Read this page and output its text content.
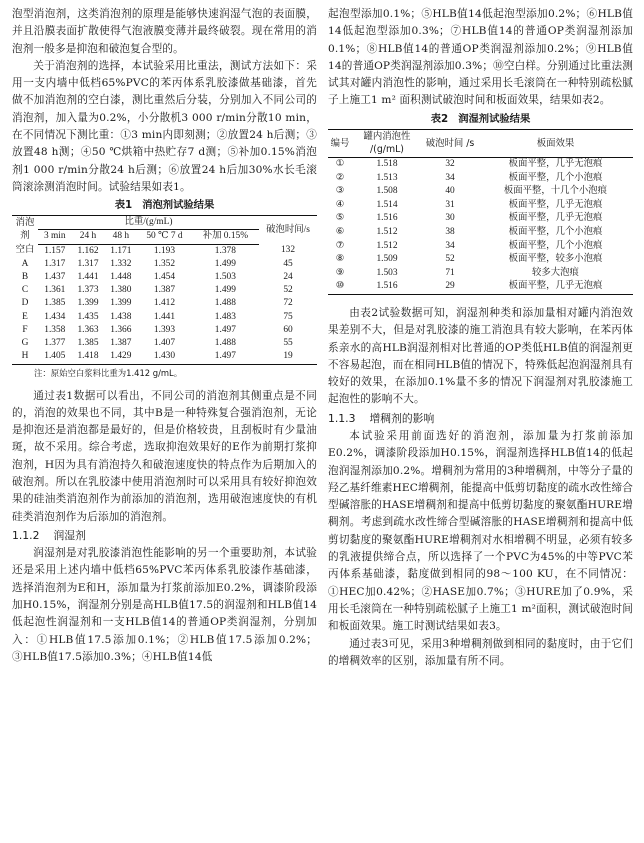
泡型消泡剂，这类消泡剂的原理是能够快速润湿气泡的表面膜，并且沿膜表面扩散使得气泡液膜变薄并最终破裂。现在常用的消泡剂一般多是抑泡和破泡复合型的。

关于消泡剂的选择，本试验采用比重法，测试方法如下：采用一支内墙中低档65%PVC的苯丙体系乳胶漆做基础漆，首先做不加消泡剂的空白漆，测比重然后分装，分别加入不同公司的消泡剂，加入量为0.2%，小分散机3 000 r/min分散10 min，在不同情况下测比重：①3 min内即刻测；②放置24 h后测；③放置48 h测；④50 ℃烘箱中热贮存7 d测；⑤补加0.15%消泡剂1 000 r/min分散24 h后测；⑥放置24 h后加30%水长毛滚筒滚涂测消泡时间。试验结果如表1。

表1 消泡剂试验结果
消泡剂	比重/(g/mL)					破泡时间/s
	3 min	24 h	48 h	50 ℃ 7 d	补加 0.15%	
空白	1.157	1.162	1.171	1.193	1.378	132
A	1.317	1.317	1.332	1.352	1.499	45
B	1.437	1.441	1.448	1.454	1.503	24
C	1.361	1.373	1.380	1.387	1.499	52
D	1.385	1.399	1.399	1.412	1.488	72
E	1.434	1.435	1.438	1.441	1.483	75
F	1.358	1.363	1.366	1.393	1.497	60
G	1.377	1.385	1.387	1.407	1.488	55
H	1.405	1.418	1.429	1.430	1.497	19
注：原始空白浆料比重为1.412 g/mL。

通过表1数据可以看出，不同公司的消泡剂其侧重点是不同的，消泡的效果也不同，其中B是一种特殊复合强消泡剂，无论是抑泡还是消泡都是最好的，但是价格较贵，且刮板时有少量油斑，故不采用。综合考虑，选取抑泡效果好的E作为前期打浆抑泡剂，H因为具有消泡持久和破泡速度快的特点作为后期加入的破泡剂。所以在乳胶漆中使用消泡剂时可以采用具有较好抑泡效果的硅油类消泡剂作为前添加的消泡剂，选用破泡速度快的有机硅类消泡剂作为后添加的消泡剂。

1.1.2 润湿剂

润湿剂是对乳胶漆消泡性能影响的另一个重要助剂，本试验还是采用上述内墙中低档65%PVC苯丙体系乳胶漆作基础漆，选择消泡剂为E和H，添加量为打浆前添加E0.2%，调漆阶段添加H0.15%，润湿剂分别是高HLB值17.5的润湿剂和HLB值14低起泡性润湿剂和一支HLB值14的普通OP类润湿剂，分别加入：①HLB值17.5添加0.1%；②HLB值17.5添加0.2%；③HLB值17.5添加0.3%；④HLB值14低

起泡型添加0.1%；⑤HLB值14低起泡型添加0.2%；⑥HLB值14低起泡型添加0.3%；⑦HLB值14的普通OP类润湿剂添加0.1%；⑧HLB值14的普通OP类润湿剂添加0.2%；⑨HLB值14的普通OP类润湿剂添加0.3%；⑩空白样。分别通过比重法测试其对罐内消泡性的影响，通过采用长毛滚筒在一种特别疏松腻子上施工1 m² 面积测试破泡时间和板面效果，结果如表2。

表2 润湿剂试验结果
编号	罐内消泡性 /(g/mL)	破泡时间 /s	板面效果
①	1.518	32	板面平整，几乎无泡痕
②	1.513	34	板面平整，几个小泡痕
③	1.508	40	板面平整，十几个小泡痕
④	1.514	31	板面平整，几乎无泡痕
⑤	1.516	30	板面平整，几乎无泡痕
⑥	1.512	38	板面平整，几个小泡痕
⑦	1.512	34	板面平整，几个小泡痕
⑧	1.509	52	板面平整，较多小泡痕
⑨	1.503	71	较多大泡痕
⑩	1.516	29	板面平整，几乎无泡痕

由表2试验数据可知，润湿剂种类和添加量相对罐内消泡效果差别不大，但是对乳胶漆的施工消泡具有较大影响，在苯丙体系亲水的高HLB润湿剂相对比普通的OP类低HLB值的润湿剂更不容易起泡，而在相同HLB值的情况下，特殊低起泡润湿剂具有较好的效果，在添加0.1%量不多的情况下润湿剂对乳胶漆施工起泡性的影响不大。

1.1.3 增稠剂的影响

本试验采用前面选好的消泡剂，添加量为打浆前添加E0.2%，调漆阶段添加H0.15%，润湿剂选择HLB值14的低起泡润湿剂添加0.2%。增稠剂为常用的3种增稠剂，中等分子量的羟乙基纤维素HEC增稠剂，能提高中低剪切黏度的疏水改性缔合型碱溶胀的HASE增稠剂和提高中低剪切黏度的聚氨酯HURE增稠剂。考虑到疏水改性缔合型碱溶胀的HASE增稠剂和提高中低剪切黏度的聚氨酯HURE增稠剂对水相增稠不明显，必须有较多的乳液提供缔合点，所以选择了一个PVC为45%的中等PVC苯丙体系基础漆，黏度做到相同的98～100 KU，在不同情况：①HEC加0.42%；②HASE加0.7%；③HURE加了0.9%，采用长毛滚筒在一种特别疏松腻子上施工1 m²面积，测试破泡时间和板面效果。施工时测试结果如表3。

通过表3可见，采用3种增稠剂做到相同的黏度时，由于它们的增稠效率的区别，添加量有所不同。
